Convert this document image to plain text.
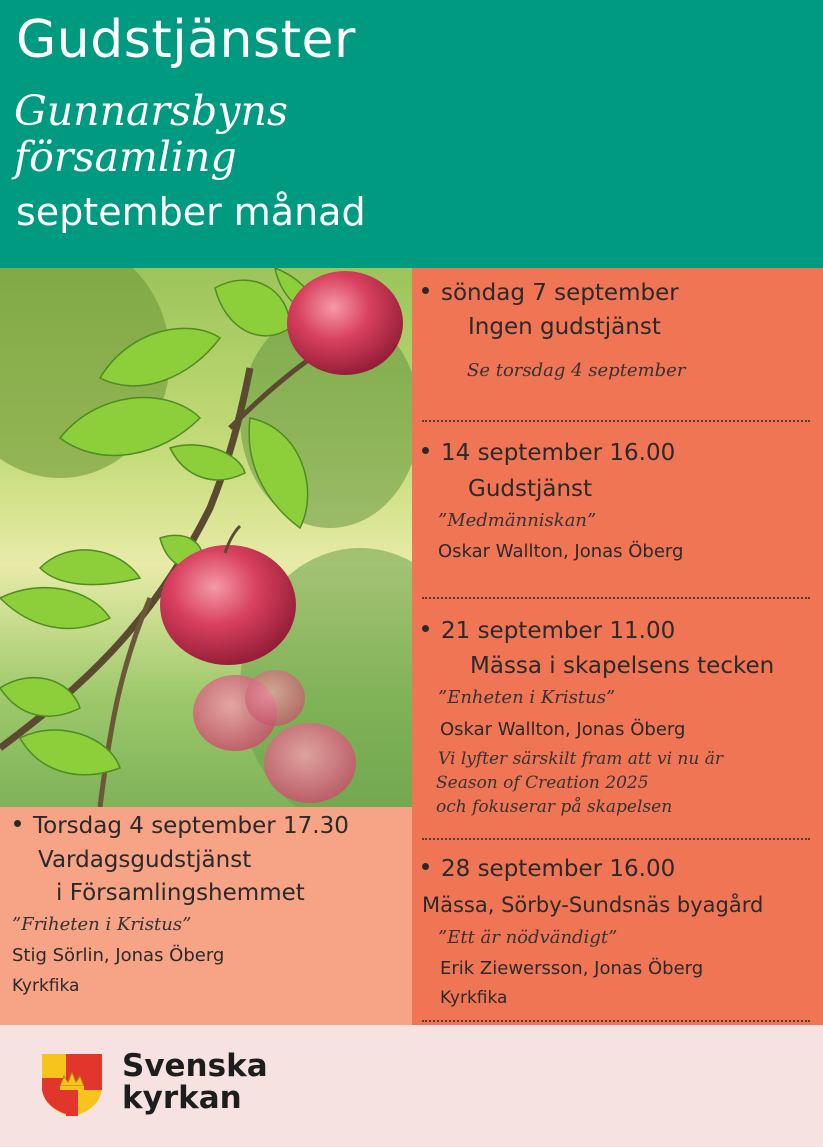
Gudstjänster
Gunnarsbyns
församling
september månad
Torsdag 4 september 17.30
Vardagsgudstjänst
i Församlingshemmet
”Friheten i Kristus”
Stig Sörlin, Jonas Öberg
Kyrkfika
söndag 7 september
Ingen gudstjänst
Se torsdag 4 september
14 september 16.00
Gudstjänst
”Medmänniskan”
Oskar Wallton, Jonas Öberg
21 september 11.00
Mässa i skapelsens tecken
”Enheten i Kristus”
Oskar Wallton, Jonas Öberg
Vi lyfter särskilt fram att vi nu är
Season of Creation 2025
och fokuserar på skapelsen
28 september 16.00
Mässa, Sörby-Sundsnäs byagård
”Ett är nödvändigt”
Erik Ziewersson, Jonas Öberg
Kyrkfika
Svenska
kyrkan
